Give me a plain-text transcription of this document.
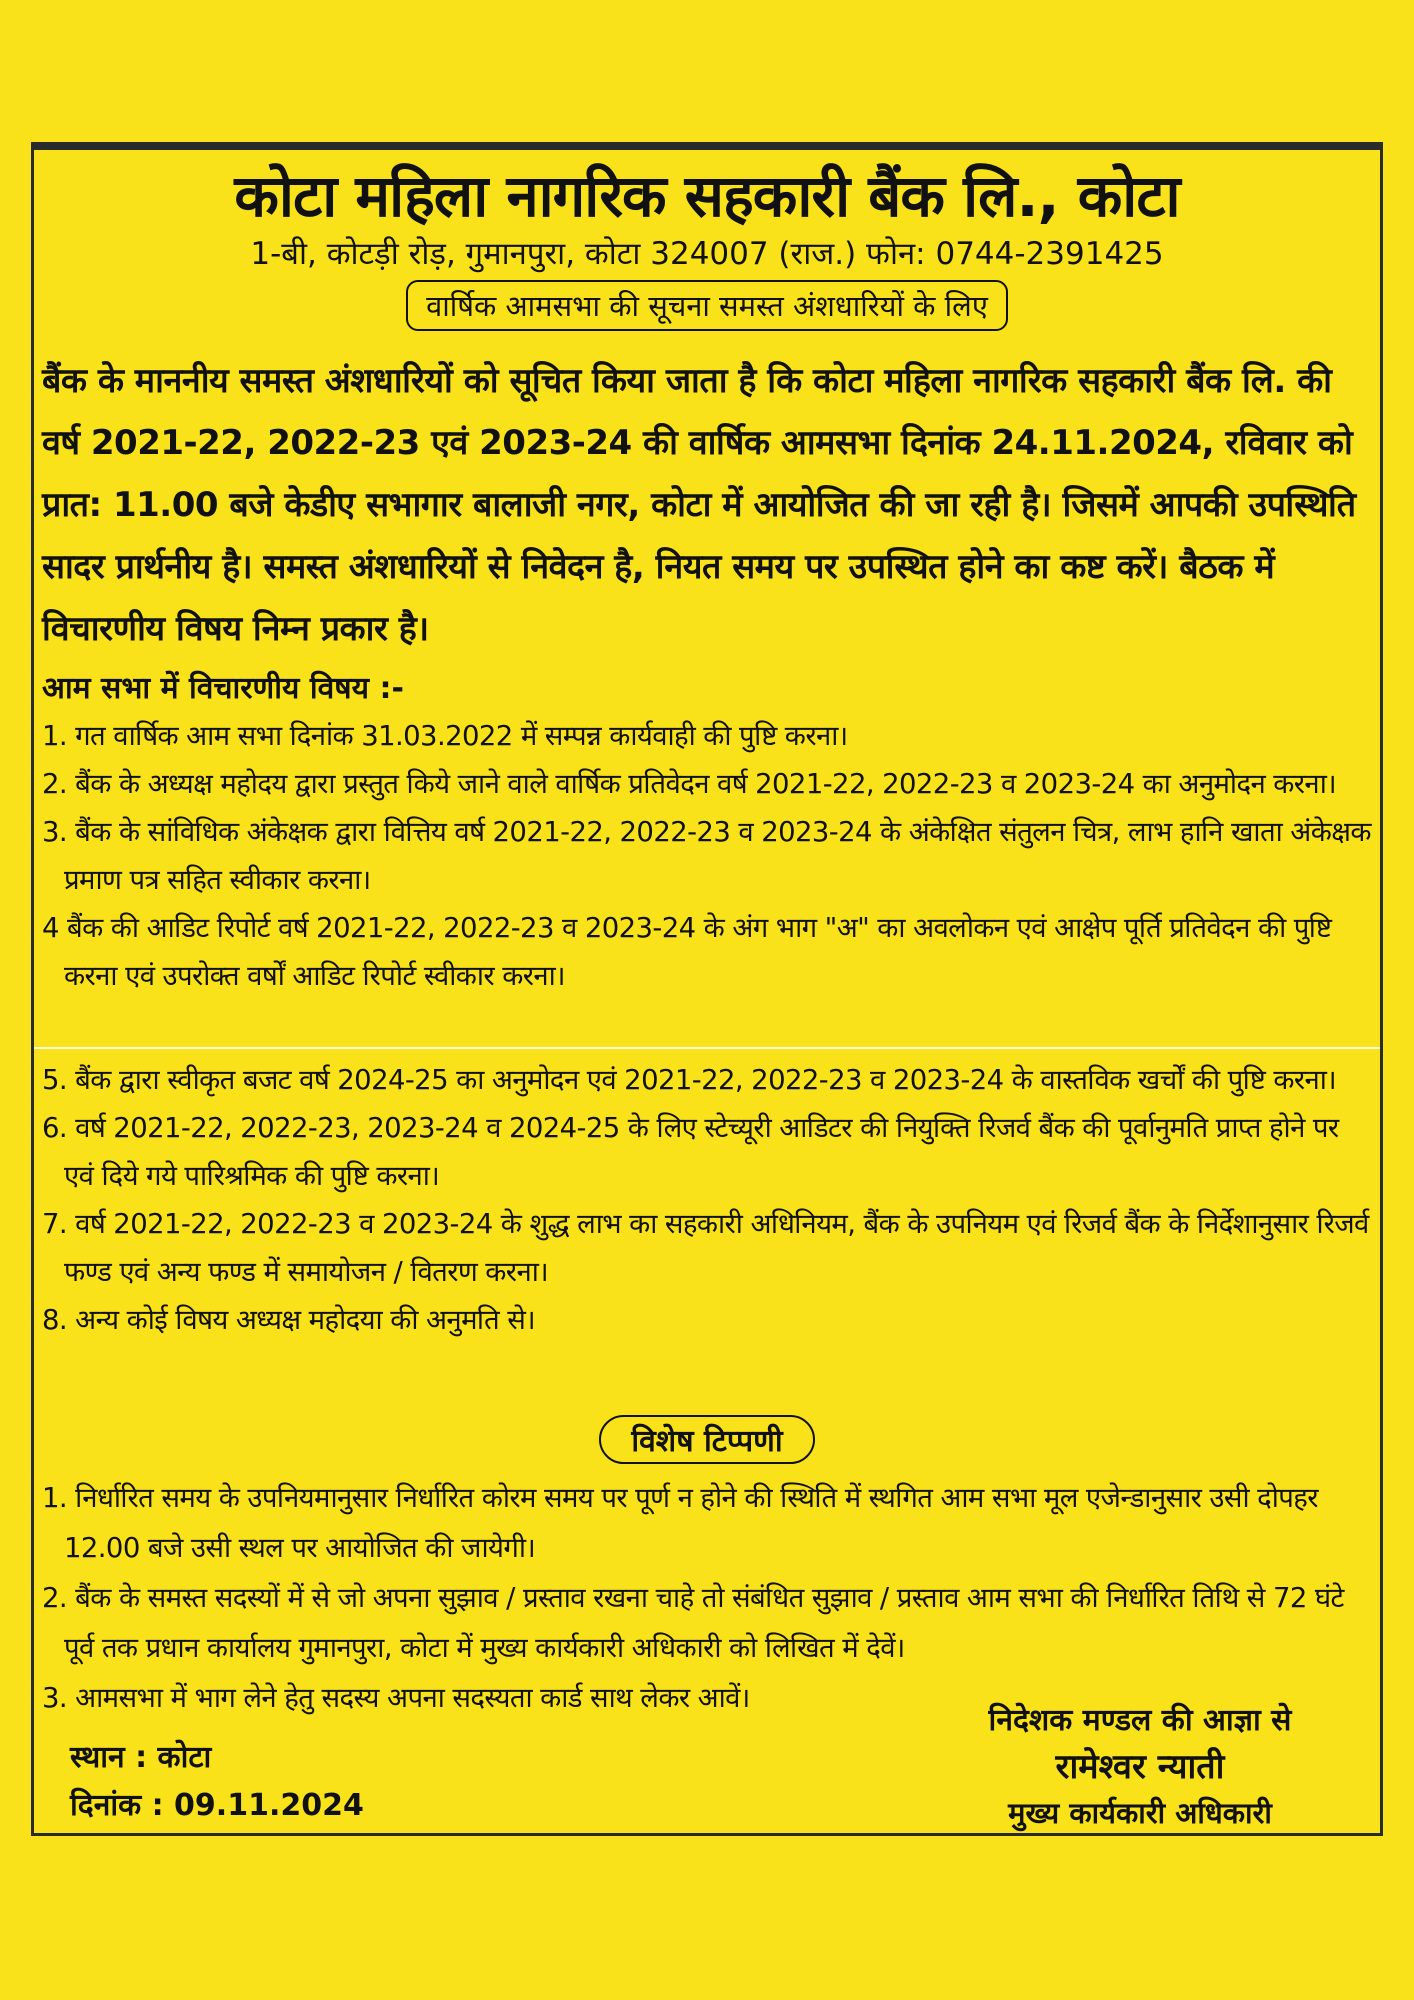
कोटा महिला नागरिक सहकारी बैंक लि., कोटा
1-बी, कोटड़ी रोड़, गुमानपुरा, कोटा 324007 (राज.) फोन: 0744-2391425
वार्षिक आमसभा की सूचना समस्त अंशधारियों के लिए
बैंक के माननीय समस्त अंशधारियों को सूचित किया जाता है कि कोटा महिला नागरिक सहकारी बैंक लि. की वर्ष 2021-22, 2022-23 एवं 2023-24 की वार्षिक आमसभा दिनांक 24.11.2024, रविवार को प्रात: 11.00 बजे केडीए सभागार बालाजी नगर, कोटा में आयोजित की जा रही है। जिसमें आपकी उपस्थिति सादर प्रार्थनीय है। समस्त अंशधारियों से निवेदन है, नियत समय पर उपस्थित होने का कष्ट करें। बैठक में विचारणीय विषय निम्न प्रकार है।
आम सभा में विचारणीय विषय :-
1. गत वार्षिक आम सभा दिनांक 31.03.2022 में सम्पन्न कार्यवाही की पुष्टि करना।
2. बैंक के अध्यक्ष महोदय द्वारा प्रस्तुत किये जाने वाले वार्षिक प्रतिवेदन वर्ष 2021-22, 2022-23 व 2023-24 का अनुमोदन करना।
3. बैंक के सांविधिक अंकेक्षक द्वारा वित्तिय वर्ष 2021-22, 2022-23 व 2023-24 के अंकेक्षित संतुलन चित्र, लाभ हानि खाता अंकेक्षक प्रमाण पत्र सहित स्वीकार करना।
4 बैंक की आडिट रिपोर्ट वर्ष 2021-22, 2022-23 व 2023-24 के अंग भाग "अ" का अवलोकन एवं आक्षेप पूर्ति प्रतिवेदन की पुष्टि करना एवं उपरोक्त वर्षों आडिट रिपोर्ट स्वीकार करना।
5. बैंक द्वारा स्वीकृत बजट वर्ष 2024-25 का अनुमोदन एवं 2021-22, 2022-23 व 2023-24 के वास्तविक खर्चों की पुष्टि करना।
6. वर्ष 2021-22, 2022-23, 2023-24 व 2024-25 के लिए स्टेच्यूरी आडिटर की नियुक्ति रिजर्व बैंक की पूर्वानुमति प्राप्त होने पर एवं दिये गये पारिश्रमिक की पुष्टि करना।
7. वर्ष 2021-22, 2022-23 व 2023-24 के शुद्ध लाभ का सहकारी अधिनियम, बैंक के उपनियम एवं रिजर्व बैंक के निर्देशानुसार रिजर्व फण्ड एवं अन्य फण्ड में समायोजन / वितरण करना।
8. अन्य कोई विषय अध्यक्ष महोदया की अनुमति से।
विशेष टिप्पणी
1. निर्धारित समय के उपनियमानुसार निर्धारित कोरम समय पर पूर्ण न होने की स्थिति में स्थगित आम सभा मूल एजेन्डानुसार उसी दोपहर 12.00 बजे उसी स्थल पर आयोजित की जायेगी।
2. बैंक के समस्त सदस्यों में से जो अपना सुझाव / प्रस्ताव रखना चाहे तो संबंधित सुझाव / प्रस्ताव आम सभा की निर्धारित तिथि से 72 घंटे पूर्व तक प्रधान कार्यालय गुमानपुरा, कोटा में मुख्य कार्यकारी अधिकारी को लिखित में देवें।
3. आमसभा में भाग लेने हेतु सदस्य अपना सदस्यता कार्ड साथ लेकर आवें।
स्थान : कोटा
दिनांक : 09.11.2024
निदेशक मण्डल की आज्ञा से
रामेश्वर न्याती
मुख्य कार्यकारी अधिकारी
